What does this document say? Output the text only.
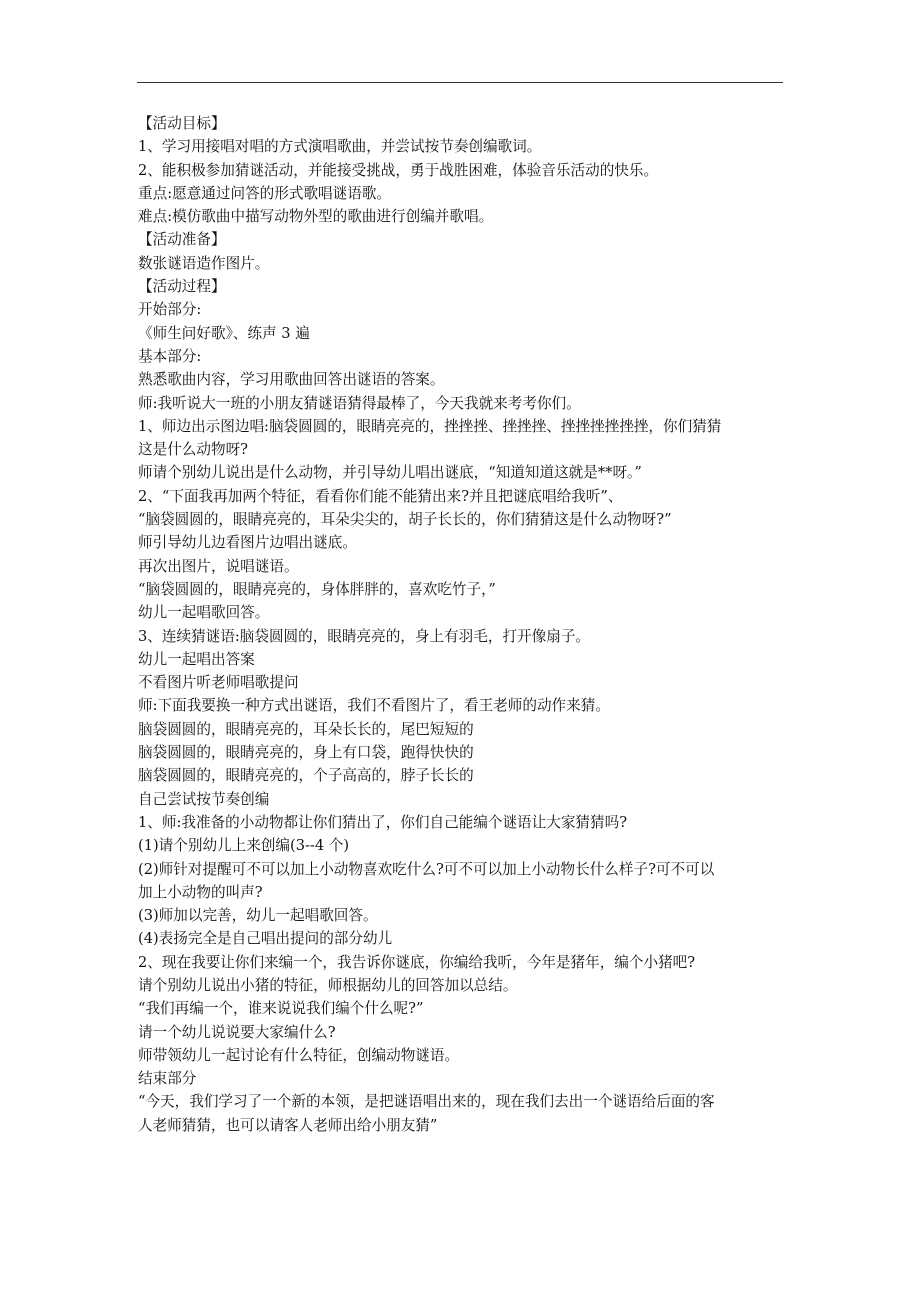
【活动目标】
1、学习用接唱对唱的方式演唱歌曲，并尝试按节奏创编歌词。
2、能积极参加猜谜活动，并能接受挑战，勇于战胜困难，体验音乐活动的快乐。
重点:愿意通过问答的形式歌唱谜语歌。
难点:模仿歌曲中描写动物外型的歌曲进行创编并歌唱。
【活动准备】
数张谜语造作图片。
【活动过程】
开始部分:
《师生问好歌》、练声 3 遍
基本部分:
熟悉歌曲内容，学习用歌曲回答出谜语的答案。
师:我听说大一班的小朋友猜谜语猜得最棒了，今天我就来考考你们。
1、师边出示图边唱:脑袋圆圆的，眼睛亮亮的，挫挫挫、挫挫挫、挫挫挫挫挫挫，你们猜猜
这是什么动物呀?
师请个别幼儿说出是什么动物，并引导幼儿唱出谜底，“知道知道这就是**呀。”
2、“下面我再加两个特征，看看你们能不能猜出来?并且把谜底唱给我听”、
“脑袋圆圆的，眼睛亮亮的，耳朵尖尖的，胡子长长的，你们猜猜这是什么动物呀?”
师引导幼儿边看图片边唱出谜底。
再次出图片，说唱谜语。
“脑袋圆圆的，眼睛亮亮的，身体胖胖的，喜欢吃竹子，”
幼儿一起唱歌回答。
3、连续猜谜语:脑袋圆圆的，眼睛亮亮的，身上有羽毛，打开像扇子。
幼儿一起唱出答案
不看图片听老师唱歌提问
师:下面我要换一种方式出谜语，我们不看图片了，看王老师的动作来猜。
脑袋圆圆的，眼睛亮亮的，耳朵长长的，尾巴短短的
脑袋圆圆的，眼睛亮亮的，身上有口袋，跑得快快的
脑袋圆圆的，眼睛亮亮的，个子高高的，脖子长长的
自己尝试按节奏创编
1、师:我准备的小动物都让你们猜出了，你们自己能编个谜语让大家猜猜吗?
(1)请个别幼儿上来创编(3--4 个)
(2)师针对提醒可不可以加上小动物喜欢吃什么?可不可以加上小动物长什么样子?可不可以
加上小动物的叫声?
(3)师加以完善，幼儿一起唱歌回答。
(4)表扬完全是自己唱出提问的部分幼儿
2、现在我要让你们来编一个，我告诉你谜底，你编给我听，今年是猪年，编个小猪吧?
请个别幼儿说出小猪的特征，师根据幼儿的回答加以总结。
“我们再编一个，谁来说说我们编个什么呢?”
请一个幼儿说说要大家编什么?
师带领幼儿一起讨论有什么特征，创编动物谜语。
结束部分
“今天，我们学习了一个新的本领，是把谜语唱出来的，现在我们去出一个谜语给后面的客
人老师猜猜，也可以请客人老师出给小朋友猜”
